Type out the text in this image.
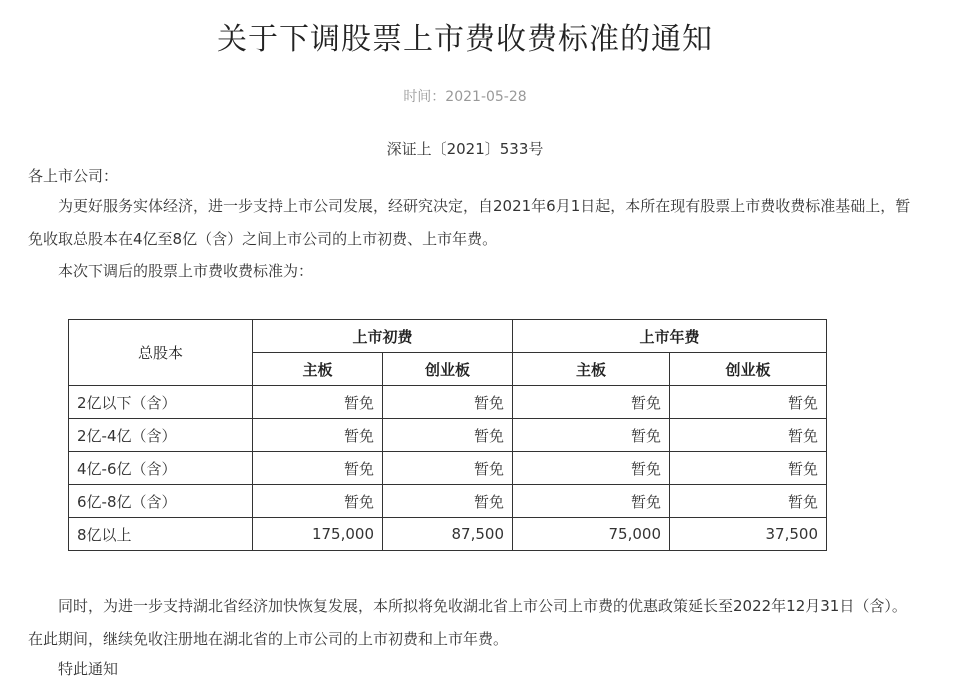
关于下调股票上市费收费标准的通知
时间：2021-05-28
深证上〔2021〕533号
各上市公司：
为更好服务实体经济，进一步支持上市公司发展，经研究决定，自2021年6月1日起，本所在现有股票上市费收费标准基础上，暂免收取总股本在4亿至8亿（含）之间上市公司的上市初费、上市年费。
本次下调后的股票上市费收费标准为：
总股本	上市初费		上市年费	
	主板	创业板	主板	创业板
2亿以下（含）	暂免	暂免	暂免	暂免
2亿-4亿（含）	暂免	暂免	暂免	暂免
4亿-6亿（含）	暂免	暂免	暂免	暂免
6亿-8亿（含）	暂免	暂免	暂免	暂免
8亿以上	175,000	87,500	75,000	37,500
同时，为进一步支持湖北省经济加快恢复发展，本所拟将免收湖北省上市公司上市费的优惠政策延长至2022年12月31日（含）。在此期间，继续免收注册地在湖北省的上市公司的上市初费和上市年费。
特此通知
